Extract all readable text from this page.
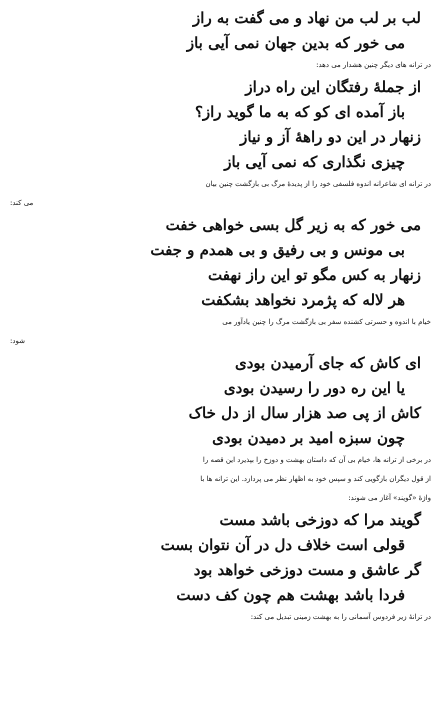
لب بر لب من نهاد و می گفت به راز
می خور که بدین جهان نمی آیی باز
در ترانه های دیگر چنین هشدار می دهد:
از جملهٔ رفتگان این راه دراز
باز آمده ای کو که به ما گوید راز؟
زنهار در این دو راههٔ آز و نیاز
چیزی نگذاری که نمی آیی باز
در ترانه ای شاعرانه اندوه فلسفی خود را از پدیدهٔ مرگ بی بازگشت چنین بیان
می کند:
می خور که به زیر گل بسی خواهی خفت
بی مونس و بی رفیق و بی همدم و جفت
زنهار به کس مگو تو این راز نهفت
هر لاله که پژمرد نخواهد بشکفت
خیام با اندوه و حسرتی کشنده سفر بی بازگشت مرگ را چنین یادآور می
شود:
ای کاش که جای آرمیدن بودی
یا این ره دور را رسیدن بودی
کاش از پی صد هزار سال از دل خاک
چون سبزه امید بر دمیدن بودی
در برخی از ترانه ها، خیام بی آن که داستان بهشت و دوزخ را بپذیرد این قصه را
از قول دیگران بازگویی کند و سپس خود به اظهار نظر می پردازد. این ترانه ها با
واژهٔ «گویند» آغاز می شوند:
گویند مرا که دوزخی باشد مست
قولی است خلاف دل در آن نتوان بست
گر عاشق و مست دوزخی خواهد بود
فردا باشد بهشت هم چون کف دست
در ترانهٔ زیر فردوس آسمانی را به بهشت زمینی تبدیل می کند:
